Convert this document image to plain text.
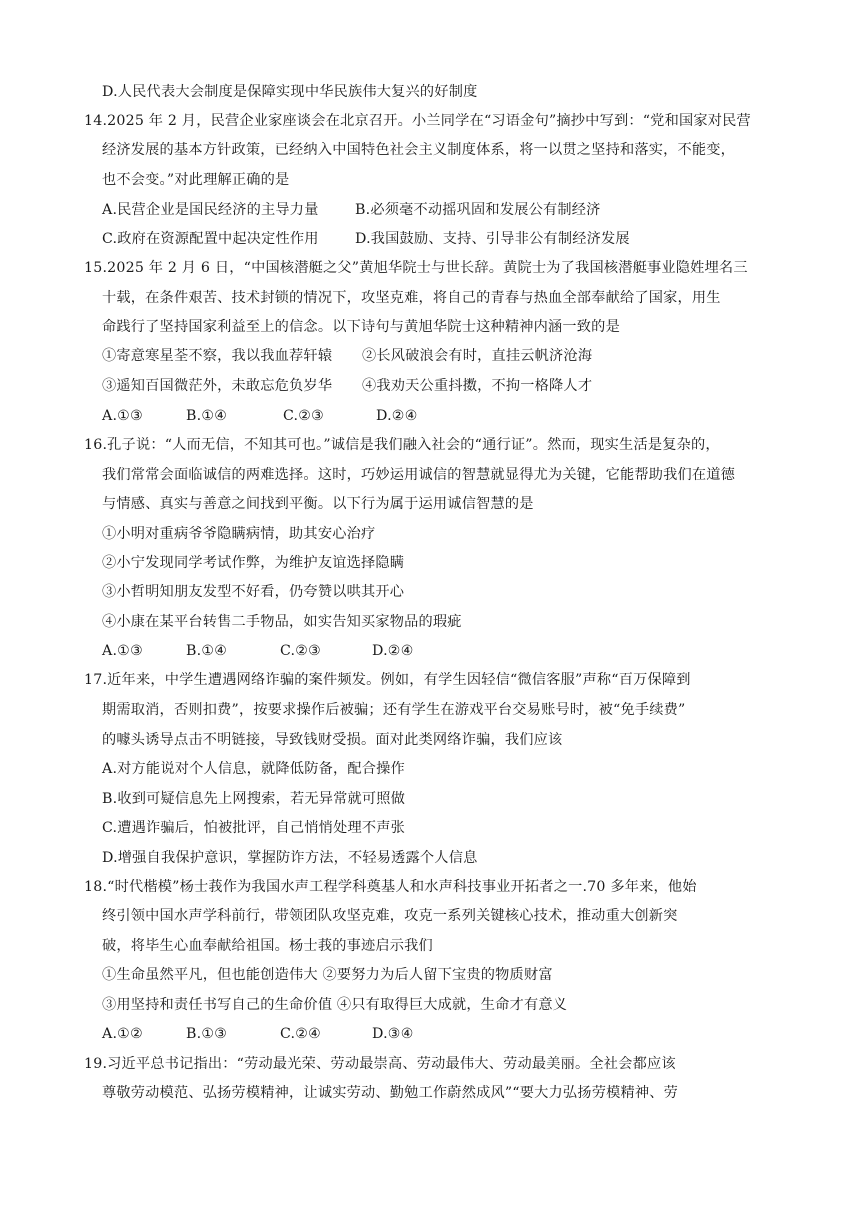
D.人民代表大会制度是保障实现中华民族伟大复兴的好制度
14.2025 年 2 月，民营企业家座谈会在北京召开。小兰同学在“习语金句”摘抄中写到：“党和国家对民营
经济发展的基本方针政策，已经纳入中国特色社会主义制度体系，将一以贯之坚持和落实，不能变，
也不会变。”对此理解正确的是
A.民营企业是国民经济的主导力量	B.必须毫不动摇巩固和发展公有制经济
C.政府在资源配置中起决定性作用	D.我国鼓励、支持、引导非公有制经济发展
15.2025 年 2 月 6 日，“中国核潜艇之父”黄旭华院士与世长辞。黄院士为了我国核潜艇事业隐姓埋名三
十载，在条件艰苦、技术封锁的情况下，攻坚克难，将自己的青春与热血全部奉献给了国家，用生
命践行了坚持国家利益至上的信念。以下诗句与黄旭华院士这种精神内涵一致的是
①寄意寒星荃不察，我以我血荐轩辕 ②长风破浪会有时，直挂云帆济沧海
③遥知百国微茫外，未敢忘危负岁华 ④我劝天公重抖擞，不拘一格降人才
A.①③	B.①④	C.②③	D.②④
16.孔子说：“人而无信，不知其可也。”诚信是我们融入社会的“通行证”。然而，现实生活是复杂的，
我们常常会面临诚信的两难选择。这时，巧妙运用诚信的智慧就显得尤为关键，它能帮助我们在道德
与情感、真实与善意之间找到平衡。以下行为属于运用诚信智慧的是
①小明对重病爷爷隐瞒病情，助其安心治疗
②小宁发现同学考试作弊，为维护友谊选择隐瞒
③小哲明知朋友发型不好看，仍夸赞以哄其开心
④小康在某平台转售二手物品，如实告知买家物品的瑕疵
A.①③	B.①④	C.②③	D.②④
17.近年来，中学生遭遇网络诈骗的案件频发。例如，有学生因轻信“微信客服”声称“百万保障到
期需取消，否则扣费”，按要求操作后被骗；还有学生在游戏平台交易账号时，被“免手续费”
的噱头诱导点击不明链接，导致钱财受损。面对此类网络诈骗，我们应该
A.对方能说对个人信息，就降低防备，配合操作
B.收到可疑信息先上网搜索，若无异常就可照做
C.遭遇诈骗后，怕被批评，自己悄悄处理不声张
D.增强自我保护意识，掌握防诈方法，不轻易透露个人信息
18.“时代楷模”杨士莪作为我国水声工程学科奠基人和水声科技事业开拓者之一.70 多年来，他始
终引领中国水声学科前行，带领团队攻坚克难，攻克一系列关键核心技术，推动重大创新突
破，将毕生心血奉献给祖国。杨士莪的事迹启示我们
①生命虽然平凡，但也能创造伟大 ②要努力为后人留下宝贵的物质财富
③用坚持和责任书写自己的生命价值 ④只有取得巨大成就，生命才有意义
A.①②	B.①③	C.②④	D.③④
19.习近平总书记指出：“劳动最光荣、劳动最崇高、劳动最伟大、劳动最美丽。全社会都应该
尊敬劳动模范、弘扬劳模精神，让诚实劳动、勤勉工作蔚然成风”“要大力弘扬劳模精神、劳
